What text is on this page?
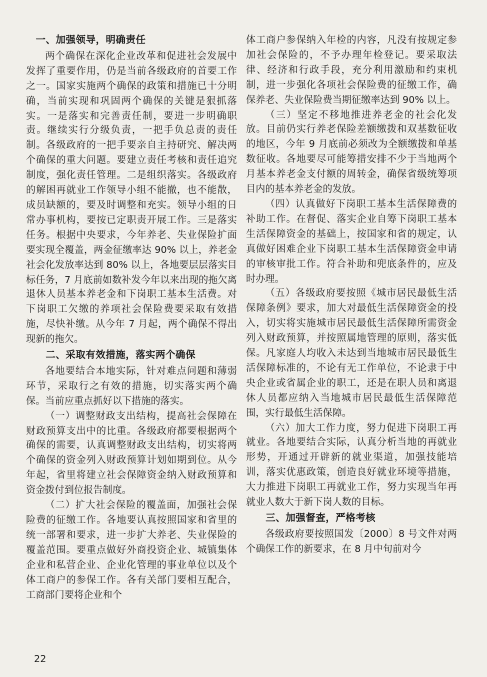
一、加强领导，明确责任

两个确保在深化企业改革和促进社会发展中发挥了重要作用，仍是当前各级政府的首要工作之一。国家实施两个确保的政策和措施已十分明确，当前实现和巩固两个确保的关键是狠抓落实。一是落实和完善责任制，要进一步明确职责。继续实行分级负责，一把手负总责的责任制。各级政府的一把手要亲自主持研究、解决两个确保的重大问题。要建立责任考核和责任追究制度，强化责任管理。二是组织落实。各级政府的解困再就业工作领导小组不能撤，也不能散，成员缺额的，要及时调整和充实。领导小组的日常办事机构，要按已定职责开展工作。三是落实任务。根据中央要求，今年养老、失业保险扩面要实现全覆盖，两金征缴率达 90% 以上，养老金社会化发放率达到 80% 以上，各地要层层落实目标任务，7 月底前如数补发今年以来出现的拖欠离退休人员基本养老金和下岗职工基本生活费。对下岗职工欠缴的养项社会保险费要采取有效措施，尽快补缴。从今年 7 月起，两个确保不得出现新的拖欠。

二、采取有效措施，落实两个确保

各地要结合本地实际，针对难点问题和薄弱环节，采取行之有效的措施，切实落实两个确保。当前应重点抓好以下措施的落实。

（一）调整财政支出结构，提高社会保障在财政预算支出中的比重。各级政府都要根据两个确保的需要，认真调整财政支出结构，切实将两个确保的资金列入财政预算计划如期到位。从今年起，省里将建立社会保障资金纳入财政预算和资金拨付到位报告制度。

（二）扩大社会保险的覆盖面，加强社会保险费的征缴工作。各地要认真按照国家和省里的统一部署和要求，进一步扩大养老、失业保险的覆盖范围。要重点做好外商投资企业、城镇集体企业和私营企业、企业化管理的事业单位以及个体工商户的参保工作。各有关部门要相互配合，工商部门要将企业和个

体工商户参保纳入年检的内容，凡没有按规定参加社会保险的，不予办理年检登记。要采取法律、经济和行政手段，充分利用激励和约束机制，进一步强化各项社会保险费的征缴工作，确保养老、失业保险费当期征缴率达到 90% 以上。

（三）坚定不移地推进养老金的社会化发放。目前仍实行养老保险差额缴拨和双基数征收的地区，今年 9 月底前必须改为全额缴拨和单基数征收。各地要尽可能筹措安排不少于当地两个月基本养老金支付额的周转金，确保省级统筹项目内的基本养老金的发放。

（四）认真做好下岗职工基本生活保障费的补助工作。在督促、落实企业自筹下岗职工基本生活保障资金的基础上，按国家和省的规定，认真做好困难企业下岗职工基本生活保障资金申请的审核审批工作。符合补助和兜底条件的，应及时办理。

（五）各级政府要按照《城市居民最低生活保障条例》要求，加大对最低生活保障资金的投入，切实将实施城市居民最低生活保障所需资金列入财政预算，并按照属地管理的原则，落实低保。凡家庭人均收入未达到当地城市居民最低生活保障标准的，不论有无工作单位，不论隶于中央企业或省属企业的职工，还是在职人员和离退休人员都应纳入当地城市居民最低生活保障范围，实行最低生活保障。

（六）加大工作力度，努力促进下岗职工再就业。各地要结合实际，认真分析当地的再就业形势，开通过开辟新的就业渠道，加强技能培训，落实优惠政策，创造良好就业环境等措施，大力推进下岗职工再就业工作，努力实现当年再就业人数大于新下岗人数的目标。

三、加强督查，严格考核

各级政府要按照国发〔2000〕8 号文件对两个确保工作的新要求，在 8 月中旬前对今

22
